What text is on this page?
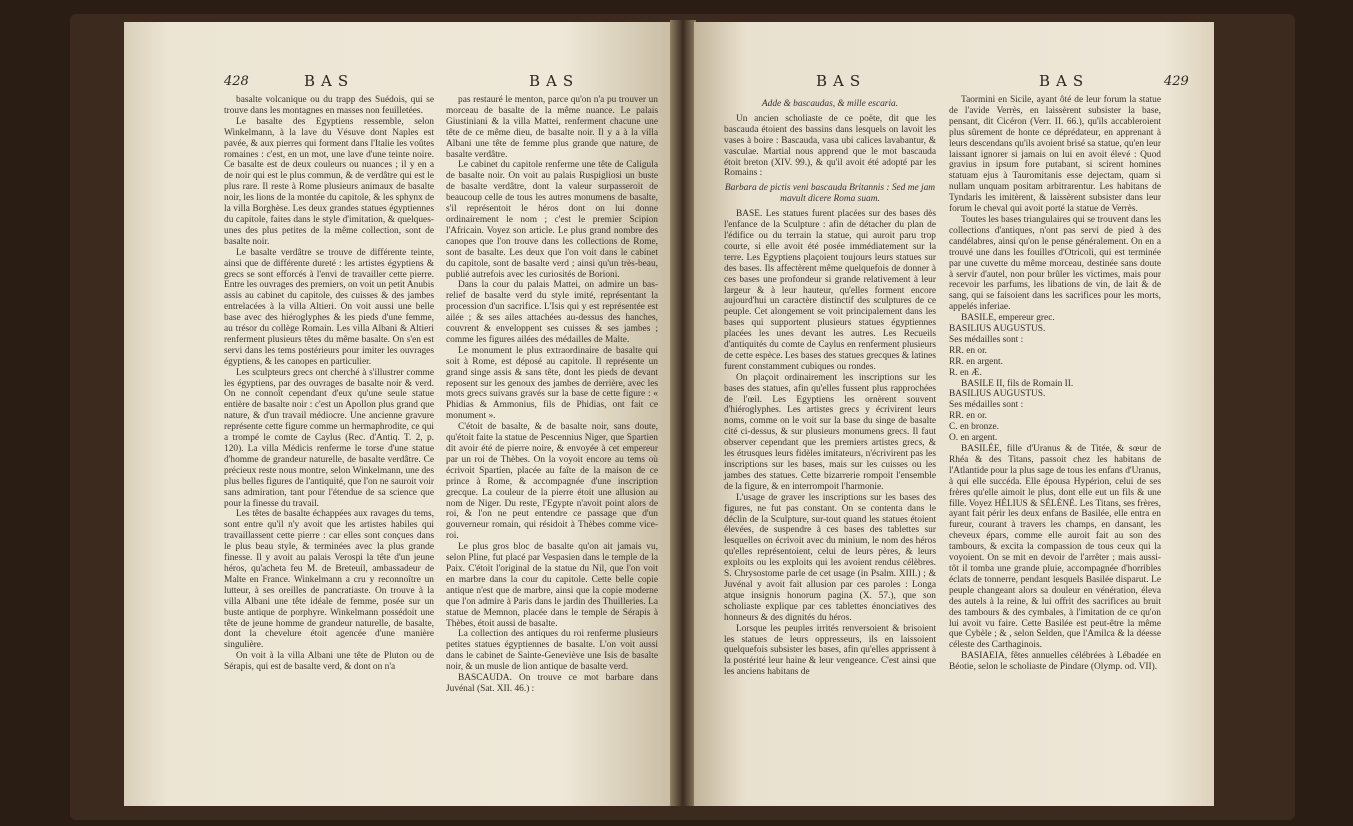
428	BAS	BAS

basalte volcanique ou du trapp des Suédois, qui se trouve dans les montagnes en masses non feuilletées.

Le basalte des Egyptiens ressemble, selon Winkelmann, à la lave du Vésuve dont Naples est pavée, & aux pierres qui forment dans l'Italie les voûtes romaines : c'est, en un mot, une lave d'une teinte noire. Ce basalte est de deux couleurs ou nuances ; il y en a de noir qui est le plus commun, & de verdâtre qui est le plus rare. Il reste à Rome plusieurs animaux de basalte noir, les lions de la montée du capitole, & les sphynx de la villa Borghèse. Les deux grandes statues égyptiennes du capitole, faites dans le style d'imitation, & quelques-unes des plus petites de la même collection, sont de basalte noir.

Le basalte verdâtre se trouve de différente teinte, ainsi que de différente dureté : les artistes égyptiens & grecs se sont efforcés à l'envi de travailler cette pierre. Entre les ouvrages des premiers, on voit un petit Anubis assis au cabinet du capitole, des cuisses & des jambes entrelacées à la villa Altieri. On voit aussi une belle base avec des hiéroglyphes & les pieds d'une femme, au trésor du collège Romain. Les villa Albani & Altieri renferment plusieurs têtes du même basalte. On s'en est servi dans les tems postérieurs pour imiter les ouvrages égyptiens, & les canopes en particulier.

Les sculpteurs grecs ont cherché à s'illustrer comme les égyptiens, par des ouvrages de basalte noir & verd. On ne connoît cependant d'eux qu'une seule statue entière de basalte noir : c'est un Apollon plus grand que nature, & d'un travail médiocre. Une ancienne gravure représente cette figure comme un hermaphrodite, ce qui a trompé le comte de Caylus (Rec. d'Antiq. T. 2, p. 120). La villa Médicis renferme le torse d'une statue d'homme de grandeur naturelle, de basalte verdâtre. Ce précieux reste nous montre, selon Winkelmann, une des plus belles figures de l'antiquité, que l'on ne sauroit voir sans admiration, tant pour l'étendue de sa science que pour la finesse du travail.

Les têtes de basalte échappées aux ravages du tems, sont entre qu'il n'y avoit que les artistes habiles qui travaillassent cette pierre : car elles sont conçues dans le plus beau style, & terminées avec la plus grande finesse. Il y avoit au palais Verospi la tête d'un jeune héros, qu'acheta feu M. de Breteuil, ambassadeur de Malte en France. Winkelmann a cru y reconnoître un lutteur, à ses oreilles de pancratiaste. On trouve à la villa Albani une tête idéale de femme, posée sur un buste antique de porphyre. Winkelmann possédoit une tête de jeune homme de grandeur naturelle, de basalte, dont la chevelure étoit agencée d'une manière singulière.

On voit à la villa Albani une tête de Pluton ou de Sérapis, qui est de basalte verd, & dont on n'a

pas restauré le menton, parce qu'on n'a pu trouver un morceau de basalte de la même nuance. Le palais Giustiniani & la villa Mattei, renferment chacune une tête de ce même dieu, de basalte noir. Il y a à la villa Albani une tête de femme plus grande que nature, de basalte verdâtre.

Le cabinet du capitole renferme une tête de Caligula de basalte noir. On voit au palais Ruspigliosi un buste de basalte verdâtre, dont la valeur surpasseroit de beaucoup celle de tous les autres monumens de basalte, s'il représentoit le héros dont on lui donne ordinairement le nom ; c'est le premier Scipion l'Africain. Voyez son article. Le plus grand nombre des canopes que l'on trouve dans les collections de Rome, sont de basalte. Les deux que l'on voit dans le cabinet du capitole, sont de basalte verd ; ainsi qu'un très-beau, publié autrefois avec les curiosités de Borioni.

Dans la cour du palais Mattei, on admire un bas-relief de basalte verd du style imité, représentant la procession d'un sacrifice. L'Isis qui y est représentée est ailée ; & ses ailes attachées au-dessus des hanches, couvrent & enveloppent ses cuisses & ses jambes ; comme les figures ailées des médailles de Malte.

Le monument le plus extraordinaire de basalte qui soit à Rome, est déposé au capitole. Il représente un grand singe assis & sans tête, dont les pieds de devant reposent sur les genoux des jambes de derrière, avec les mots grecs suivans gravés sur la base de cette figure : « Phidias & Ammonius, fils de Phidias, ont fait ce monument ».

C'étoit de basalte, & de basalte noir, sans doute, qu'étoit faite la statue de Pescennius Niger, que Spartien dit avoir été de pierre noire, & envoyée à cet empereur par un roi de Thèbes. On la voyoit encore au tems où écrivoit Spartien, placée au faîte de la maison de ce prince à Rome, & accompagnée d'une inscription grecque. La couleur de la pierre étoit une allusion au nom de Niger. Du reste, l'Egypte n'avoit point alors de roi, & l'on ne peut entendre ce passage que d'un gouverneur romain, qui résidoit à Thèbes comme vice-roi.

Le plus gros bloc de basalte qu'on ait jamais vu, selon Pline, fut placé par Vespasien dans le temple de la Paix. C'étoit l'original de la statue du Nil, que l'on voit en marbre dans la cour du capitole. Cette belle copie antique n'est que de marbre, ainsi que la copie moderne que l'on admire à Paris dans le jardin des Thuilleries. La statue de Memnon, placée dans le temple de Sérapis à Thèbes, étoit aussi de basalte.

La collection des antiques du roi renferme plusieurs petites statues égyptiennes de basalte. L'on voit aussi dans le cabinet de Sainte-Geneviève une Isis de basalte noir, & un musle de lion antique de basalte verd.

BASCAUDA. On trouve ce mot barbare dans Juvénal (Sat. XII. 46.) :

BAS	BAS	429

Adde & bascaudas, & mille escaria.

Un ancien scholiaste de ce poëte, dit que les bascauda étoient des bassins dans lesquels on lavoit les vases à boire : Bascauda, vasa ubi calices lavabantur, & vasculae. Martial nous apprend que le mot bascauda étoit breton (XIV. 99.), & qu'il avoit été adopté par les Romains :

Barbara de pictis veni bascauda Britannis : Sed me jam mavult dicere Roma suam.

BASE. Les statues furent placées sur des bases dès l'enfance de la Sculpture : afin de détacher du plan de l'édifice ou du terrain la statue, qui auroit paru trop courte, si elle avoit été posée immédiatement sur la terre. Les Egyptiens plaçoient toujours leurs statues sur des bases. Ils affectèrent même quelquefois de donner à ces bases une profondeur si grande relativement à leur largeur & à leur hauteur, qu'elles forment encore aujourd'hui un caractère distinctif des sculptures de ce peuple. Cet alongement se voit principalement dans les bases qui supportent plusieurs statues égyptiennes placées les unes devant les autres. Les Recueils d'antiquités du comte de Caylus en renferment plusieurs de cette espèce. Les bases des statues grecques & latines furent constamment cubiques ou rondes.

On plaçoit ordinairement les inscriptions sur les bases des statues, afin qu'elles fussent plus rapprochées de l'œil. Les Egyptiens les ornèrent souvent d'hiéroglyphes. Les artistes grecs y écrivirent leurs noms, comme on le voit sur la base du singe de basalte cité ci-dessus, & sur plusieurs monumens grecs. Il faut observer cependant que les premiers artistes grecs, & les étrusques leurs fidèles imitateurs, n'écrivirent pas les inscriptions sur les bases, mais sur les cuisses ou les jambes des statues. Cette bizarrerie rompoit l'ensemble de la figure, & en interrompoit l'harmonie.

L'usage de graver les inscriptions sur les bases des figures, ne fut pas constant. On se contenta dans le déclin de la Sculpture, sur-tout quand les statues étoient élevées, de suspendre à ces bases des tablettes sur lesquelles on écrivoit avec du minium, le nom des héros qu'elles représentoient, celui de leurs pères, & leurs exploits ou les exploits qui les avoient rendus célèbres. S. Chrysostome parle de cet usage (in Psalm. XIII.) ; & Juvénal y avoit fait allusion par ces paroles : Longa atque insignis honorum pagina (X. 57.), que son scholiaste explique par ces tablettes énonciatives des honneurs & des dignités du héros.

Lorsque les peuples irrités renversoient & brisoient les statues de leurs oppresseurs, ils en laissoient quelquefois subsister les bases, afin qu'elles apprissent à la postérité leur haine & leur vengeance. C'est ainsi que les anciens habitans de

Taormini en Sicile, ayant ôté de leur forum la statue de l'avide Verrès, en laissèrent subsister la base, pensant, dit Cicéron (Verr. II. 66.), qu'ils accableroient plus sûrement de honte ce déprédateur, en apprenant à leurs descendans qu'ils avoient brisé sa statue, qu'en leur laissant ignorer si jamais on lui en avoit élevé : Quod gravius in ipsum fore putabant, si scirent homines statuam ejus à Tauromitanis esse dejectam, quam si nullam unquam positam arbitrarentur. Les habitans de Tyndaris les imitèrent, & laissèrent subsister dans leur forum le cheval qui avoit porté la statue de Verrès.

Toutes les bases triangulaires qui se trouvent dans les collections d'antiques, n'ont pas servi de pied à des candélabres, ainsi qu'on le pense généralement. On en a trouvé une dans les fouilles d'Otricoli, qui est terminée par une cuvette du même morceau, destinée sans doute à servir d'autel, non pour brûler les victimes, mais pour recevoir les parfums, les libations de vin, de lait & de sang, qui se faisoient dans les sacrifices pour les morts, appelés inferiae.

BASILE, empereur grec.

BASILIUS AUGUSTUS.

Ses médailles sont :

RR. en or.

RR. en argent.

R. en Æ.

BASILE II, fils de Romain II.

BASILIUS AUGUSTUS.

Ses médailles sont :

RR. en or.

C. en bronze.

O. en argent.

BASILÉE, fille d'Uranus & de Titée, & sœur de Rhéa & des Titans, passoit chez les habitans de l'Atlantide pour la plus sage de tous les enfans d'Uranus, à qui elle succéda. Elle épousa Hypérion, celui de ses frères qu'elle aimoit le plus, dont elle eut un fils & une fille. Voyez HÉLIUS & SÉLÉNÉ. Les Titans, ses frères, ayant fait périr les deux enfans de Basilée, elle entra en fureur, courant à travers les champs, en dansant, les cheveux épars, comme elle auroit fait au son des tambours, & excita la compassion de tous ceux qui la voyoient. On se mit en devoir de l'arrêter ; mais aussi-tôt il tomba une grande pluie, accompagnée d'horribles éclats de tonnerre, pendant lesquels Basilée disparut. Le peuple changeant alors sa douleur en vénération, éleva des autels à la reine, & lui offrit des sacrifices au bruit des tambours & des cymbales, à l'imitation de ce qu'on lui avoit vu faire. Cette Basilée est peut-être la même que Cybèle ; & , selon Selden, que l'Amilca & la déesse céleste des Carthaginois.

BASIAEIA, fêtes annuelles célébrées à Lébadée en Béotie, selon le scholiaste de Pindare (Olymp. od. VII).
